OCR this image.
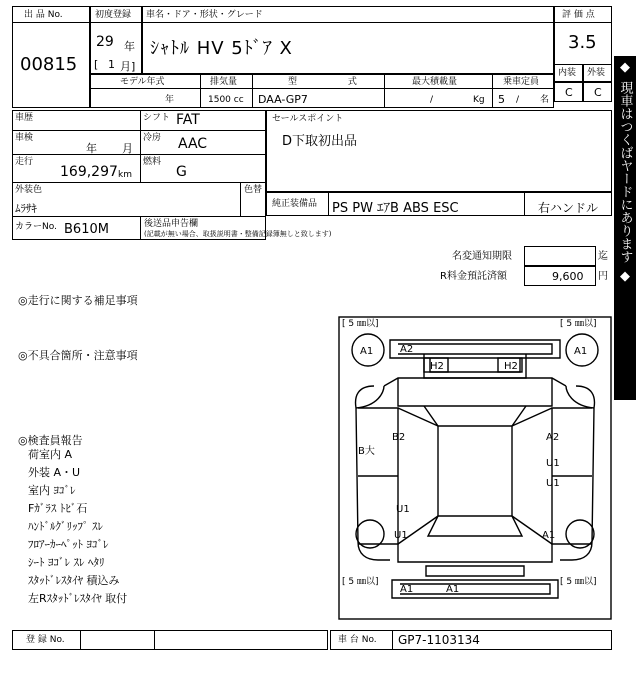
出 品 No.
00815
初度登録
29 年
[ 1 月]
車名・ドア・形状・グレード
ｼｬﾄﾙ HV 5ﾄﾞｱ X
評 価 点
3.5
内装 外装
C C
モデル年式
年
排気量
1500 cc
型 式
DAA-GP7
最大積載量
/	Kg
乗車定員
5 / 名
◆
現車はつくばヤードにあります
◆
車歴	シフト FAT
車検
年 月
冷房 AAC
走行
169,297 km
燃料
G
外装色
ﾑﾗｻｷ
色替
カラーNo. B610M	後送品申告欄
(記載が無い場合、取扱説明書・整備記録簿無しと致します)
セールスポイント
D下取初出品
純正装備品 PS PW ｴｱB ABS ESC	右ハンドル
名変通知期限	迄
R料金預託済額	9,600 円
◎走行に関する補足事項
◎不具合箇所・注意事項
◎検査員報告
荷室内 A
外装 A・U
室内 ﾖｺﾞﾚ
Fｶﾞﾗｽ ﾄﾋﾞ石
ﾊﾝﾄﾞﾙｸﾞﾘｯﾌﾟ ｽﾚ
ﾌﾛｱｰｶｰﾍﾟｯﾄ ﾖｺﾞﾚ
ｼｰﾄ ﾖｺﾞﾚ ｽﾚ ﾍﾀﾘ
ｽﾀｯﾄﾞﾚｽﾀｲﾔ 積込み
左Rｽﾀｯﾄﾞﾚｽﾀｲﾔ 取付
[ 5 ㎜以]	[ 5 ㎜以]
[ 5 ㎜以]	[ 5 ㎜以]
A1	A1
A2
H2	H2
B大
B2	A2
U1
U1
U1
U1	A1
A1	A1
登 録 No.	車 台 No. GP7-1103134
